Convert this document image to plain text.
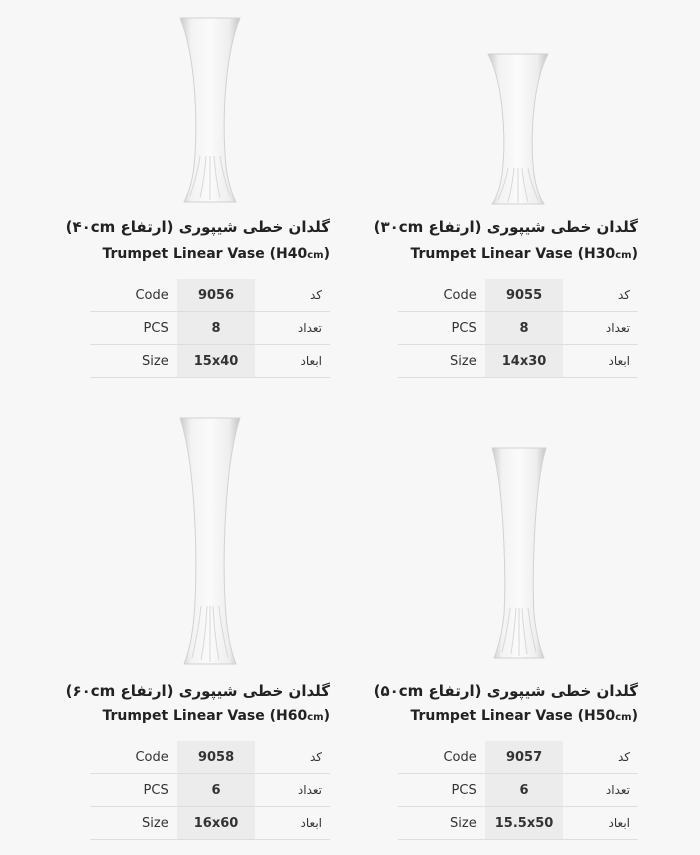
گلدان خطی شیپوری (ارتفاع ۴۰cm)
Trumpet Linear Vase (H40cm)
Code	9056	کد
PCS	8	تعداد
Size	15x40	ابعاد
گلدان خطی شیپوری (ارتفاع ۳۰cm)
Trumpet Linear Vase (H30cm)
Code	9055	کد
PCS	8	تعداد
Size	14x30	ابعاد
گلدان خطی شیپوری (ارتفاع ۶۰cm)
Trumpet Linear Vase (H60cm)
Code	9058	کد
PCS	6	تعداد
Size	16x60	ابعاد
گلدان خطی شیپوری (ارتفاع ۵۰cm)
Trumpet Linear Vase (H50cm)
Code	9057	کد
PCS	6	تعداد
Size	15.5x50	ابعاد
